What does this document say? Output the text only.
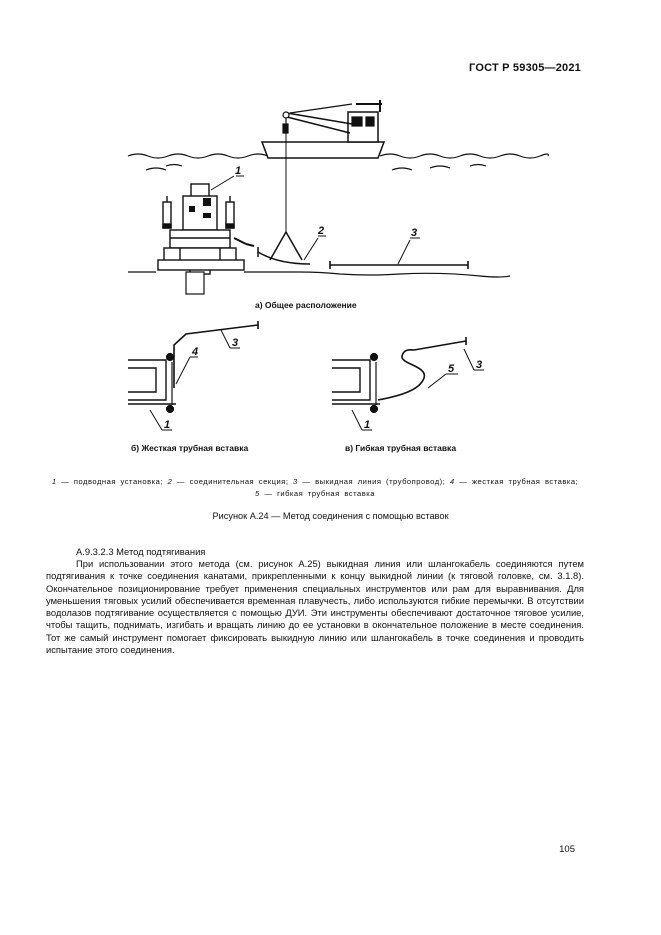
ГОСТ Р 59305—2021
1
2	3
а) Общее расположение
4
3
1
б) Жесткая трубная вставка
5 3
1
в) Гибкая трубная вставка
1 — подводная установка; 2 — соединительная секция; 3 — выкидная линия (трубопровод); 4 — жесткая трубная вставка;
5 — гибкая трубная вставка
Рисунок А.24 — Метод соединения с помощью вставок
А.9.3.2.3 Метод подтягивания

При использовании этого метода (см. рисунок А.25) выкидная линия или шлангокабель соединяются путем подтягивания к точке соединения канатами, прикрепленными к концу выкидной линии (к тяговой головке, см. 3.1.8). Окончательное позиционирование требует применения специальных инструментов или рам для выравнивания. Для уменьшения тяговых усилий обеспечивается временная плавучесть, либо используются гибкие перемычки. В отсутствии водолазов подтягивание осуществляется с помощью ДУИ. Эти инструменты обеспечивают достаточное тяговое усилие, чтобы тащить, поднимать, изгибать и вращать линию до ее установки в окончательное положение в месте соединения. Тот же самый инструмент помогает фиксировать выкидную линию или шлангокабель в точке соединения и проводить испытание этого соединения.

105
